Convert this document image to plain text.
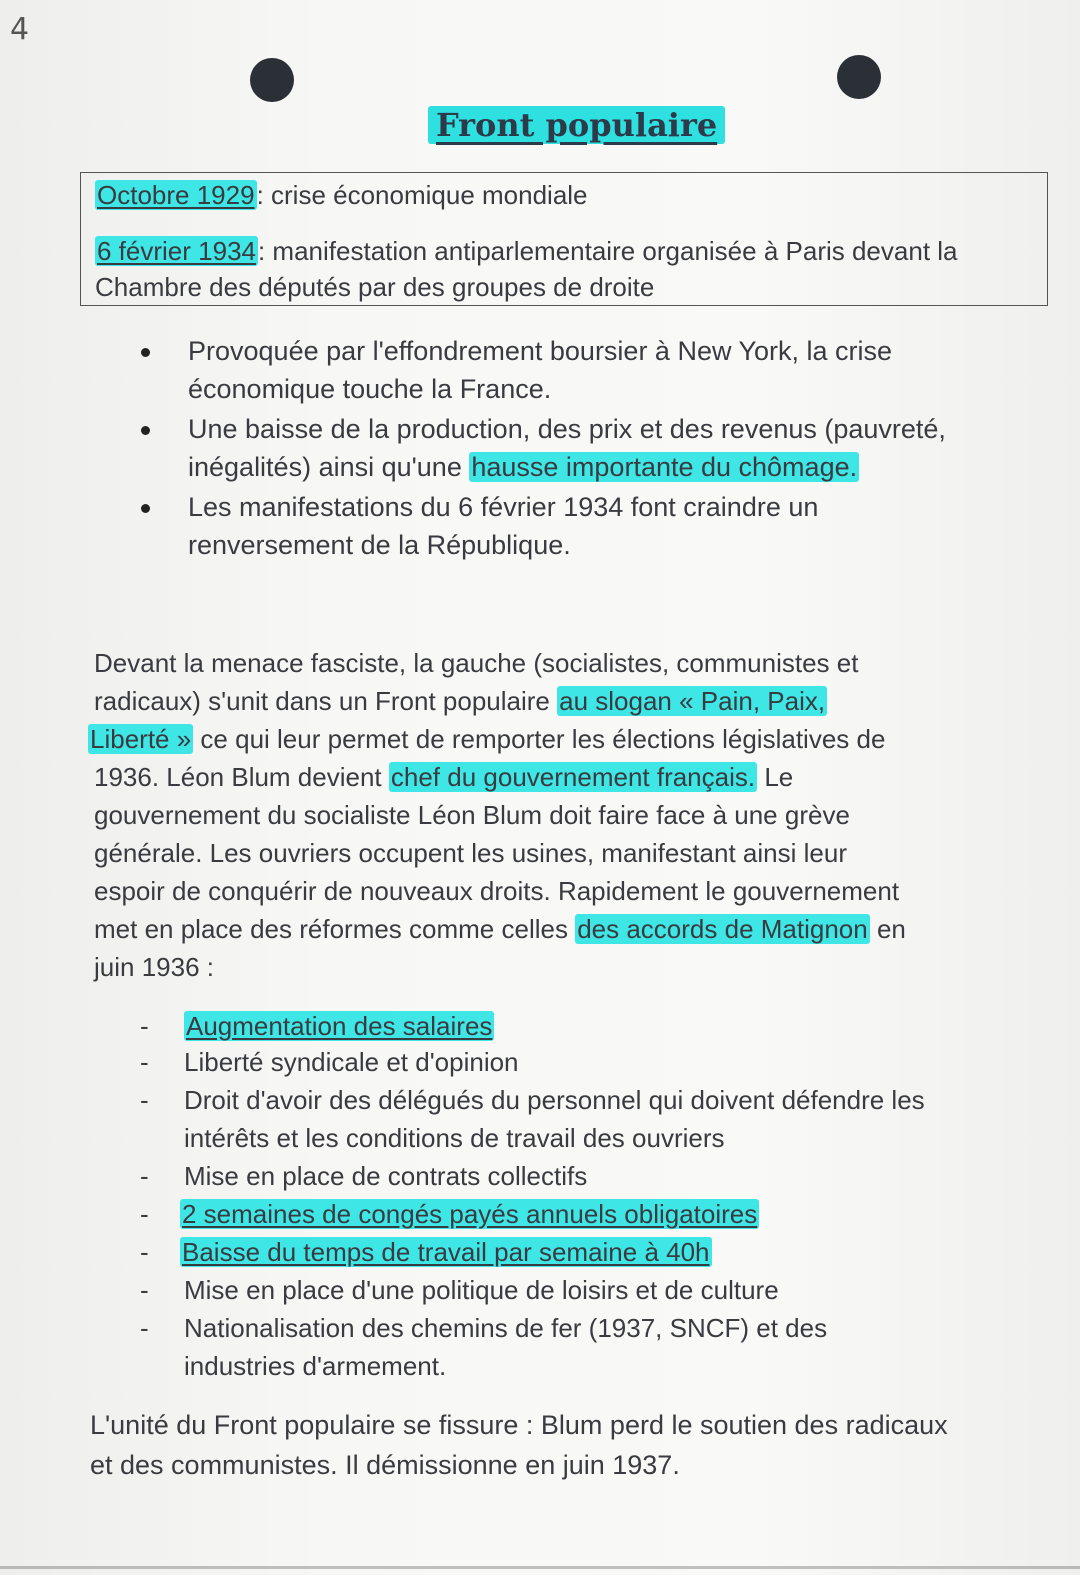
4
Front populaire
Octobre 1929: crise économique mondiale
6 février 1934: manifestation antiparlementaire organisée à Paris devant la
Chambre des députés par des groupes de droite
Provoquée par l'effondrement boursier à New York, la crise
économique touche la France.
Une baisse de la production, des prix et des revenus (pauvreté,
inégalités) ainsi qu'une hausse importante du chômage.
Les manifestations du 6 février 1934 font craindre un
renversement de la République.
Devant la menace fasciste, la gauche (socialistes, communistes et
radicaux) s'unit dans un Front populaire au slogan « Pain, Paix,
Liberté » ce qui leur permet de remporter les élections législatives de
1936. Léon Blum devient chef du gouvernement français. Le
gouvernement du socialiste Léon Blum doit faire face à une grève
générale. Les ouvriers occupent les usines, manifestant ainsi leur
espoir de conquérir de nouveaux droits. Rapidement le gouvernement
met en place des réformes comme celles des accords de Matignon en
juin 1936 :
- Augmentation des salaires
- Liberté syndicale et d'opinion
- Droit d'avoir des délégués du personnel qui doivent défendre les
intérêts et les conditions de travail des ouvriers
- Mise en place de contrats collectifs
- 2 semaines de congés payés annuels obligatoires
- Baisse du temps de travail par semaine à 40h
- Mise en place d'une politique de loisirs et de culture
- Nationalisation des chemins de fer (1937, SNCF) et des
industries d'armement.
L'unité du Front populaire se fissure : Blum perd le soutien des radicaux
et des communistes. Il démissionne en juin 1937.
